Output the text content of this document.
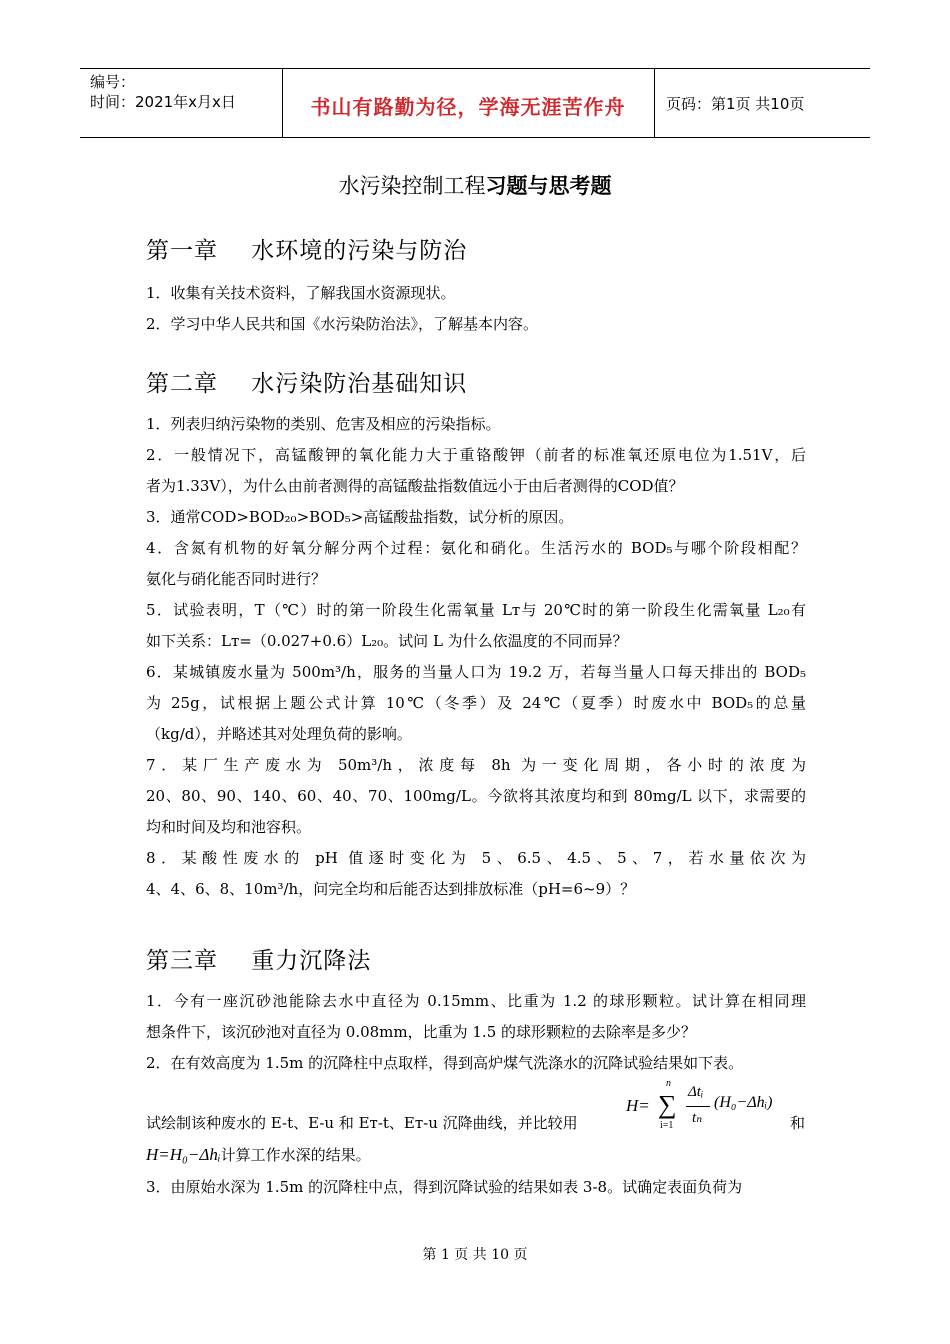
编号：
时间：2021年x月x日	书山有路勤为径，学海无涯苦作舟	页码：第1页 共10页
水污染控制工程习题与思考题
第一章    水环境的污染与防治
1．收集有关技术资料，了解我国水资源现状。
2．学习中华人民共和国《水污染防治法》，了解基本内容。
第二章    水污染防治基础知识
1．列表归纳污染物的类别、危害及相应的污染指标。
2．一般情况下，高锰酸钾的氧化能力大于重铬酸钾（前者的标准氧还原电位为1.51V，后
者为1.33V），为什么由前者测得的高锰酸盐指数值远小于由后者测得的COD值？
3．通常COD>BOD₂₀>BOD₅>高锰酸盐指数，试分析的原因。
4．含氮有机物的好氧分解分两个过程：氨化和硝化。生活污水的 BOD₅与哪个阶段相配？
氨化与硝化能否同时进行？
5．试验表明，T（℃）时的第一阶段生化需氧量 Lᴛ与 20℃时的第一阶段生化需氧量 L₂₀有
如下关系：Lᴛ=（0.027+0.6）L₂₀。试问 L 为什么依温度的不同而异？
6．某城镇废水量为 500m³/h，服务的当量人口为 19.2 万，若每当量人口每天排出的 BOD₅
为 25g，试根据上题公式计算 10℃（冬季）及 24℃（夏季）时废水中 BOD₅的总量
（kg/d），并略述其对处理负荷的影响。
7．某厂生产废水为 50m³/h，浓度每 8h 为一变化周期，各小时的浓度为
20、80、90、140、60、40、70、100mg/L。今欲将其浓度均和到 80mg/L 以下，求需要的
均和时间及均和池容积。
8．某酸性废水的 pH 值逐时变化为 5、6.5、4.5、5、7，若水量依次为
4、4、6、8、10m³/h，问完全均和后能否达到排放标准（pH=6~9）？
第三章    重力沉降法
1．今有一座沉砂池能除去水中直径为 0.15mm、比重为 1.2 的球形颗粒。试计算在相同理
想条件下，该沉砂池对直径为 0.08mm，比重为 1.5 的球形颗粒的去除率是多少？
2．在有效高度为 1.5m 的沉降柱中点取样，得到高炉煤气洗涤水的沉降试验结果如下表。
试绘制该种废水的 E-t、E-u 和 Eᴛ-t、Eᴛ-u 沉降曲线，并比较用	和
H=
n
∑
i=1
Δtᵢ
tₙ
(H₀−Δhᵢ)
H=H₀−Δhᵢ计算工作水深的结果。
3．由原始水深为 1.5m 的沉降柱中点，得到沉降试验的结果如表 3-8。试确定表面负荷为
第 1 页 共 10 页
